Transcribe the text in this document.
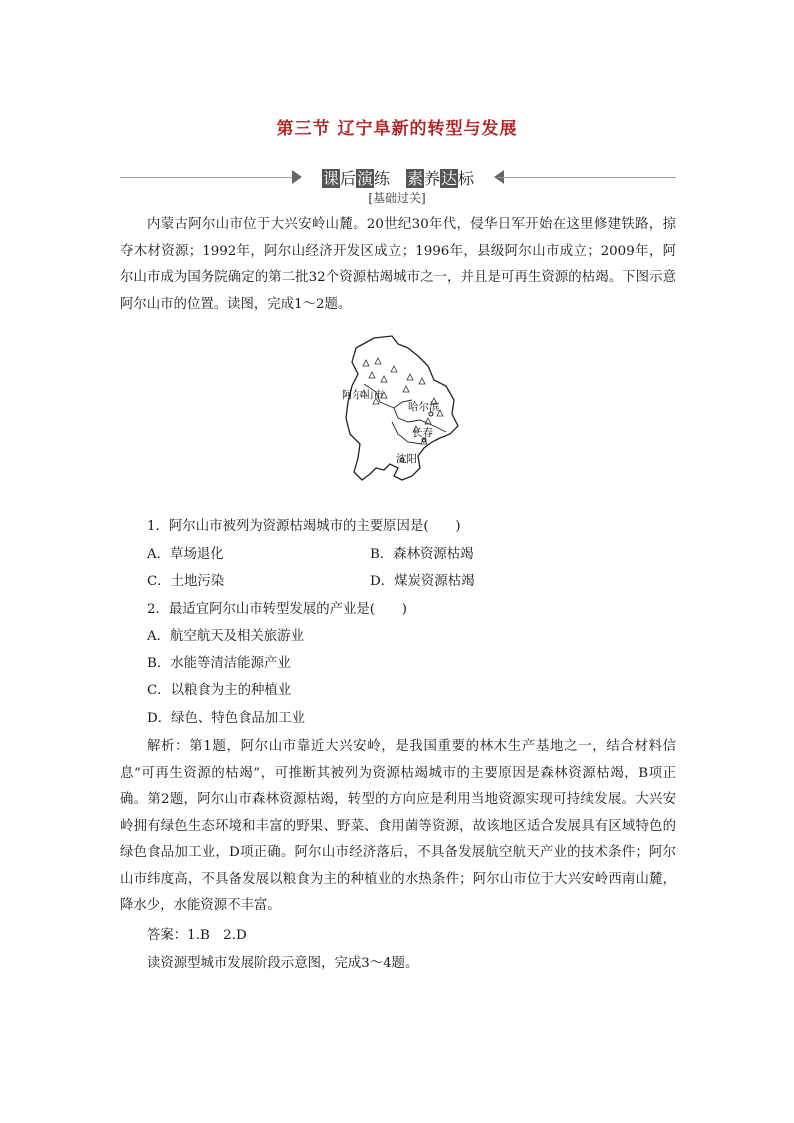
第三节 辽宁阜新的转型与发展
课后演练　 素养达标
[基础过关]

内蒙古阿尔山市位于大兴安岭山麓。20世纪30年代，侵华日军开始在这里修建铁路，掠夺木材资源；1992年，阿尔山经济开发区成立；1996年，县级阿尔山市成立；2009年，阿尔山市成为国务院确定的第二批32个资源枯竭城市之一，并且是可再生资源的枯竭。下图示意阿尔山市的位置。读图，完成1～2题。

阿尔山市
哈尔滨
长春
沈阳
1．阿尔山市被列为资源枯竭城市的主要原因是(　　)
A．草场退化	B．森林资源枯竭
C．土地污染	D．煤炭资源枯竭
2．最适宜阿尔山市转型发展的产业是(　　)
A．航空航天及相关旅游业
B．水能等清洁能源产业
C．以粮食为主的种植业
D．绿色、特色食品加工业

解析：第1题，阿尔山市靠近大兴安岭，是我国重要的林木生产基地之一，结合材料信息“可再生资源的枯竭”，可推断其被列为资源枯竭城市的主要原因是森林资源枯竭，B项正确。第2题，阿尔山市森林资源枯竭，转型的方向应是利用当地资源实现可持续发展。大兴安岭拥有绿色生态环境和丰富的野果、野菜、食用菌等资源，故该地区适合发展具有区域特色的绿色食品加工业，D项正确。阿尔山市经济落后，不具备发展航空航天产业的技术条件；阿尔山市纬度高，不具备发展以粮食为主的种植业的水热条件；阿尔山市位于大兴安岭西南山麓，降水少，水能资源不丰富。

答案：1.B　2.D
读资源型城市发展阶段示意图，完成3～4题。
